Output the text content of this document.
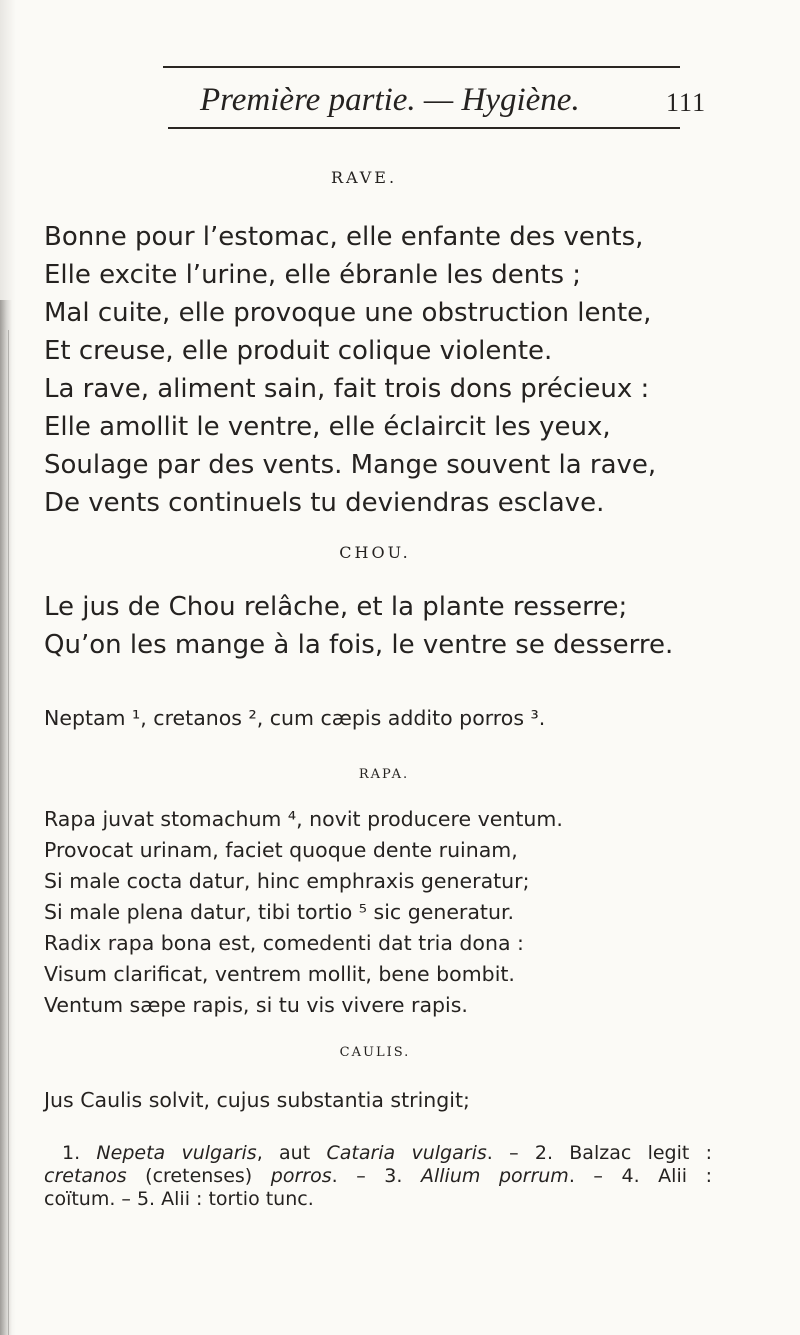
Première partie. — Hygiène.	111
RAVE.
Bonne pour l’estomac, elle enfante des vents,
Elle excite l’urine, elle ébranle les dents ;
Mal cuite, elle provoque une obstruction lente,
Et creuse, elle produit colique violente.
La rave, aliment sain, fait trois dons précieux :
Elle amollit le ventre, elle éclaircit les yeux,
Soulage par des vents. Mange souvent la rave,
De vents continuels tu deviendras esclave.
CHOU.
Le jus de Chou relâche, et la plante resserre;
Qu’on les mange à la fois, le ventre se desserre.
Neptam ¹, cretanos ², cum cæpis addito porros ³.
RAPA.
Rapa juvat stomachum ⁴, novit producere ventum.
Provocat urinam, faciet quoque dente ruinam,
Si male cocta datur, hinc emphraxis generatur;
Si male plena datur, tibi tortio ⁵ sic generatur.
Radix rapa bona est, comedenti dat tria dona :
Visum clarificat, ventrem mollit, bene bombit.
Ventum sæpe rapis, si tu vis vivere rapis.
CAULIS.
Jus Caulis solvit, cujus substantia stringit;
1. Nepeta vulgaris, aut Cataria vulgaris. – 2. Balzac legit :
cretanos (cretenses) porros. – 3. Allium porrum. – 4. Alii :
coïtum. – 5. Alii : tortio tunc.
